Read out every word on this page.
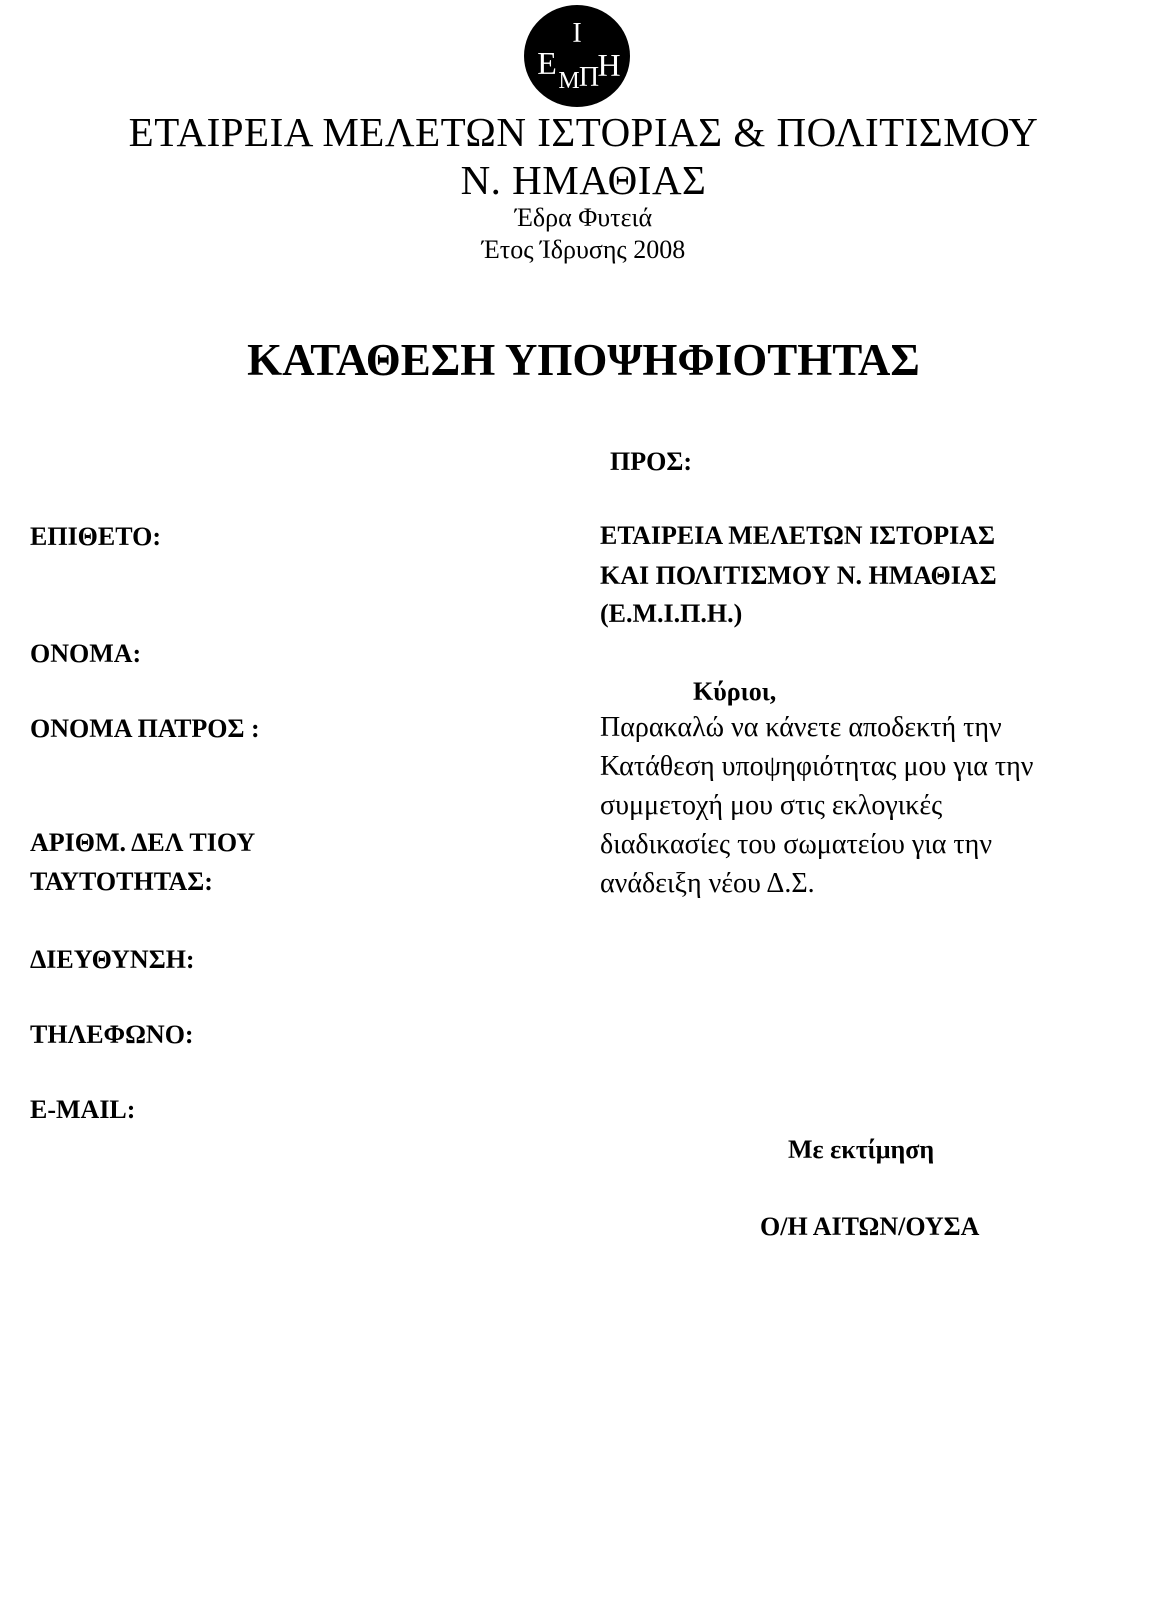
Ι
Ε Μ Π
Η

ΕΤΑΙΡΕΙΑ ΜΕΛΕΤΩΝ ΙΣΤΟΡΙΑΣ & ΠΟΛΙΤΙΣΜΟΥ

Ν. ΗΜΑΘΙΑΣ

Έδρα Φυτειά

Έτος Ίδρυσης 2008

ΚΑΤΑΘΕΣΗ ΥΠΟΨΗΦΙΟΤΗΤΑΣ

ΕΠΙΘΕΤΟ:

ΟΝΟΜΑ:

ΟΝΟΜΑ ΠΑΤΡΟΣ :

ΑΡΙΘΜ. ΔΕΛ ΤΙΟΥ

ΤΑΥΤΟΤΗΤΑΣ:

ΔΙΕΥΘΥΝΣΗ:

ΤΗΛΕΦΩΝΟ:

E-MAIL:

ΠΡΟΣ:

ΕΤΑΙΡΕΙΑ ΜΕΛΕΤΩΝ ΙΣΤΟΡΙΑΣ

ΚΑΙ ΠΟΛΙΤΙΣΜΟΥ Ν. ΗΜΑΘΙΑΣ

(Ε.Μ.Ι.Π.Η.)

Κύριοι,

Παρακαλώ να κάνετε αποδεκτή την

Κατάθεση υποψηφιότητας μου για την

συμμετοχή μου στις εκλογικές

διαδικασίες του σωματείου για την

ανάδειξη νέου Δ.Σ.

Με εκτίμηση

Ο/Η ΑΙΤΩΝ/ΟΥΣΑ
